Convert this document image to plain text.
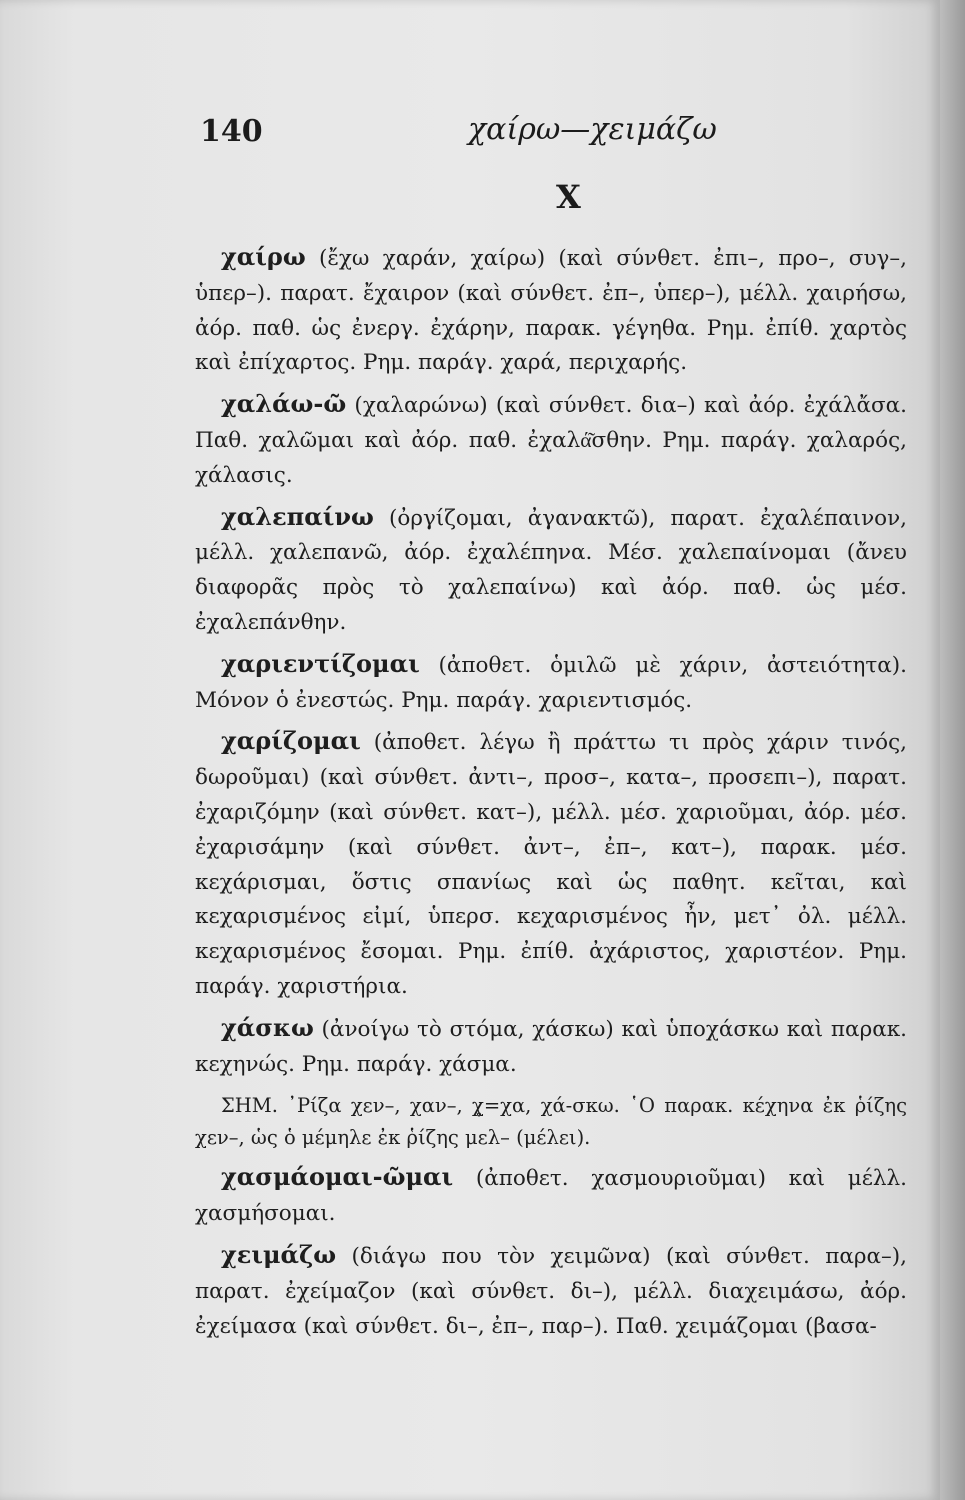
140	χαίρω—χειμάζω
Χ

χαίρω (ἔχω χαράν, χαίρω) (καὶ σύνθετ. ἐπι–, προ–, συγ–, ὑπερ–). παρατ. ἔχαιρον (καὶ σύνθετ. ἐπ–, ὑπερ–), μέλλ. χαιρήσω, ἀόρ. παθ. ὡς ἐνεργ. ἐχάρην, παρακ. γέγηθα. Ρημ. ἐπίθ. χαρτὸς καὶ ἐπίχαρτος. Ρημ. παράγ. χαρά, περιχαρής.

χαλάω-ῶ (χαλαρώνω) (καὶ σύνθετ. δια–) καὶ ἀόρ. ἐχάλἄσα. Παθ. χαλῶμαι καὶ ἀόρ. παθ. ἐχαλά͂σθην. Ρημ. παράγ. χαλαρός, χάλασις.

χαλεπαίνω (ὀργίζομαι, ἀγανακτῶ), παρατ. ἐχαλέπαινον, μέλλ. χαλεπανῶ, ἀόρ. ἐχαλέπηνα. Μέσ. χαλεπαίνομαι (ἄνευ διαφορᾶς πρὸς τὸ χαλεπαίνω) καὶ ἀόρ. παθ. ὡς μέσ. ἐχαλεπάνθην.

χαριεντίζομαι (ἀποθετ. ὁμιλῶ μὲ χάριν, ἀστειότητα). Μόνον ὁ ἐνεστώς. Ρημ. παράγ. χαριεντισμός.

χαρίζομαι (ἀποθετ. λέγω ἢ πράττω τι πρὸς χάριν τινός, δωροῦμαι) (καὶ σύνθετ. ἀντι–, προσ–, κατα–, προσεπι–), παρατ. ἐχαριζόμην (καὶ σύνθετ. κατ–), μέλλ. μέσ. χαριοῦμαι, ἀόρ. μέσ. ἐχαρισάμην (καὶ σύνθετ. ἀντ–, ἐπ–, κατ–), παρακ. μέσ. κεχάρισμαι, ὅστις σπανίως καὶ ὡς παθητ. κεῖται, καὶ κεχαρισμένος εἰμί, ὑπερσ. κεχαρισμένος ἦν, μετ᾽ ὀλ. μέλλ. κεχαρισμένος ἔσομαι. Ρημ. ἐπίθ. ἀχάριστος, χαριστέον. Ρημ. παράγ. χαριστήρια.

χάσκω (ἀνοίγω τὸ στόμα, χάσκω) καὶ ὑποχάσκω καὶ παρακ. κεχηνώς. Ρημ. παράγ. χάσμα.

ΣΗΜ. ᾽Ρίζα χεν–, χαν–, χ̥=χα, χά-σκω. ῾Ο παρακ. κέχηνα ἐκ ῥίζης χεν–, ὡς ὁ μέμηλε ἐκ ῥίζης μελ– (μέλει).

χασμάομαι-ῶμαι (ἀποθετ. χασμουριοῦμαι) καὶ μέλλ. χασμήσομαι.

χειμάζω (διάγω που τὸν χειμῶνα) (καὶ σύνθετ. παρα–), παρατ. ἐχείμαζον (καὶ σύνθετ. δι–), μέλλ. διαχειμάσω, ἀόρ. ἐχείμασα (καὶ σύνθετ. δι–, ἐπ–, παρ–). Παθ. χειμάζομαι (βασα-
